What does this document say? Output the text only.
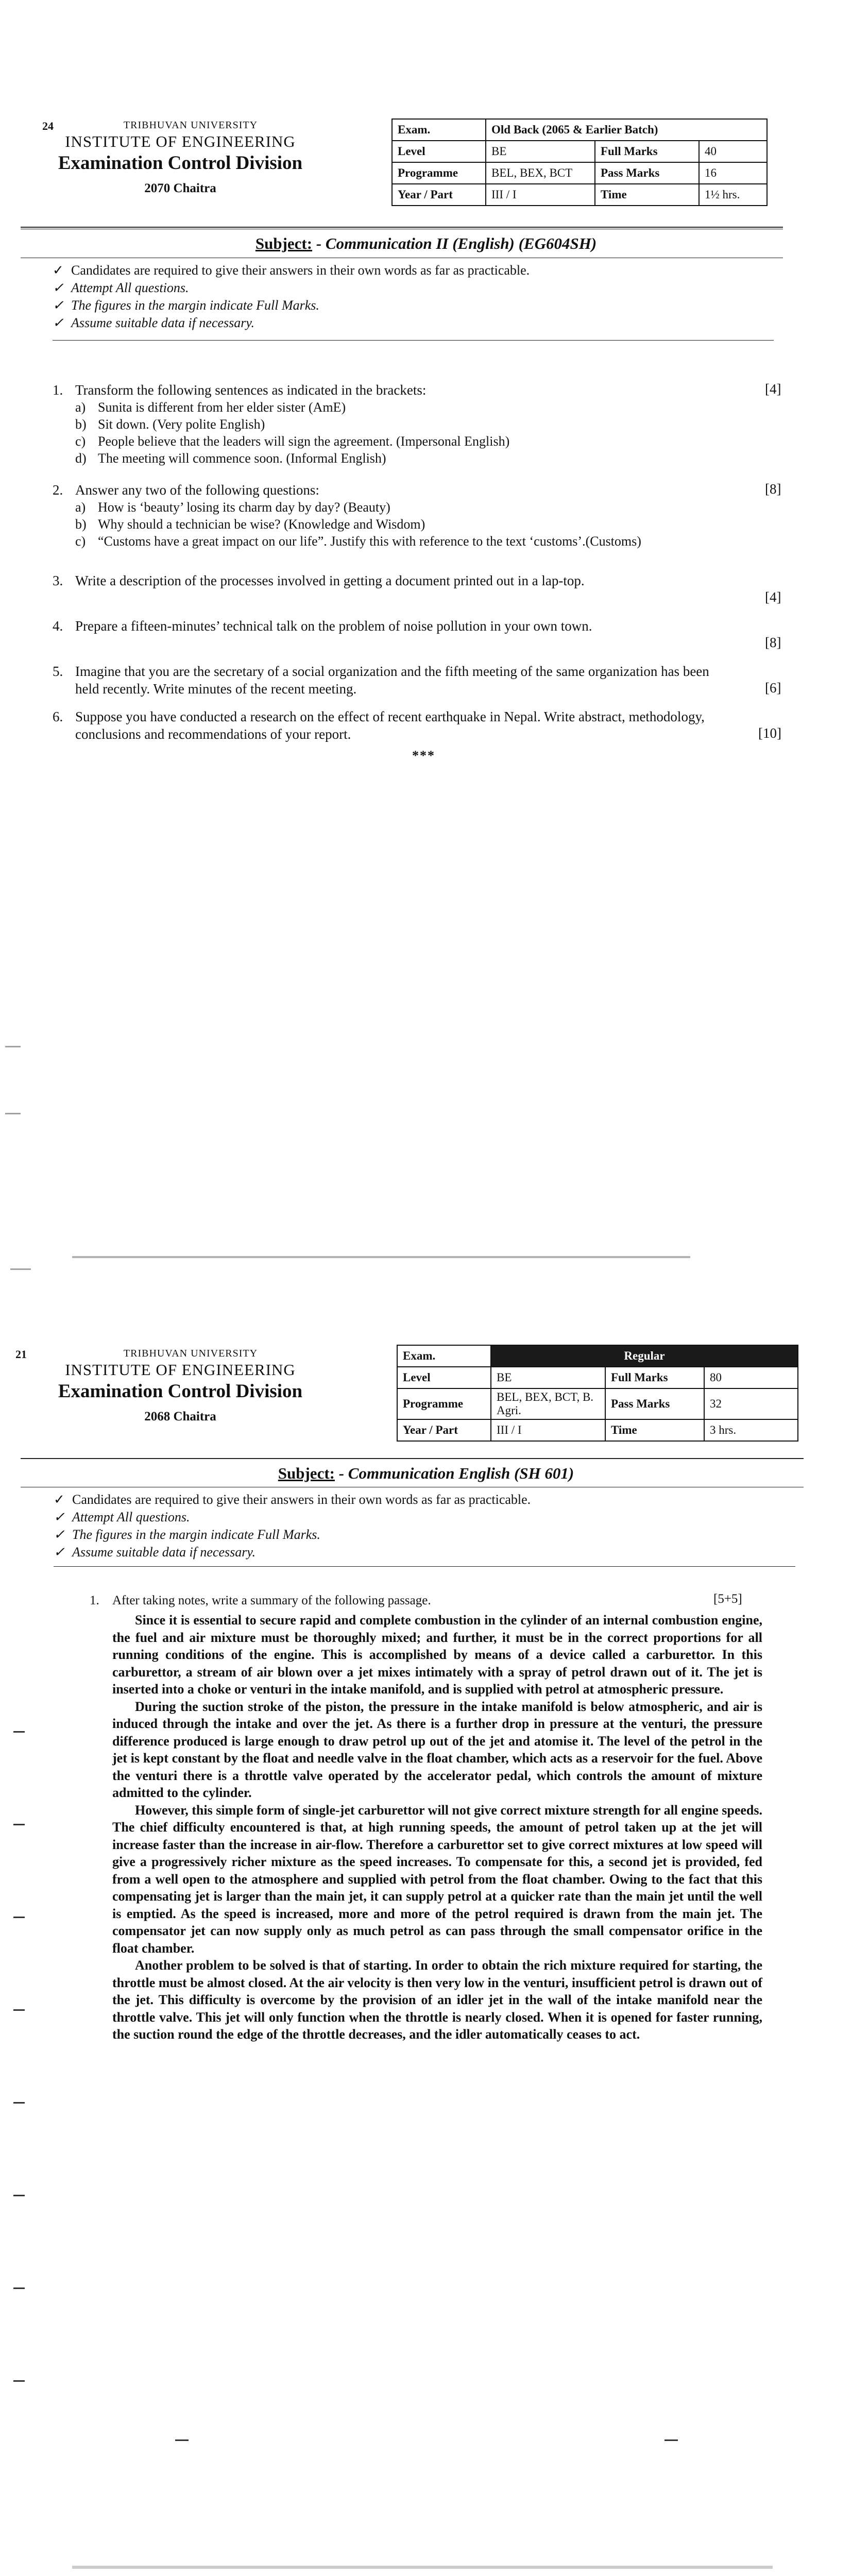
24	TRIBHUVAN UNIVERSITY
INSTITUTE OF ENGINEERING
Examination Control Division
2070 Chaitra
Exam.	Old Back (2065 & Earlier Batch)		
Level	BE	Full Marks	40
Programme	BEL, BEX, BCT	Pass Marks	16
Year / Part	III / I	Time	1½ hrs.
Subject: - Communication II (English) (EG604SH)
✓ Candidates are required to give their answers in their own words as far as practicable.
✓ Attempt All questions.
✓ The figures in the margin indicate Full Marks.
✓ Assume suitable data if necessary.
1. Transform the following sentences as indicated in the brackets:	[4]
a) Sunita is different from her elder sister (AmE)
b) Sit down. (Very polite English)
c) People believe that the leaders will sign the agreement. (Impersonal English)
d) The meeting will commence soon. (Informal English)
2. Answer any two of the following questions:	[8]
a) How is ‘beauty’ losing its charm day by day? (Beauty)
b) Why should a technician be wise? (Knowledge and Wisdom)
c) “Customs have a great impact on our life”. Justify this with reference to the text ‘customs’.(Customs)
3. Write a description of the processes involved in getting a document printed out in a lap-top.
[4]
4. Prepare a fifteen-minutes’ technical talk on the problem of noise pollution in your own town.
[8]
5. Imagine that you are the secretary of a social organization and the fifth meeting of the same organization has been held recently. Write minutes of the recent meeting.	[6]
6. Suppose you have conducted a research on the effect of recent earthquake in Nepal. Write abstract, methodology, conclusions and recommendations of your report.	[10]
***
21	TRIBHUVAN UNIVERSITY
INSTITUTE OF ENGINEERING
Examination Control Division
2068 Chaitra
Exam.	Regular		
Level	BE	Full Marks	80
Programme	BEL, BEX, BCT, B. Agri.	Pass Marks	32
Year / Part	III / I	Time	3 hrs.
Subject: - Communication English (SH 601)
✓ Candidates are required to give their answers in their own words as far as practicable.
✓ Attempt All questions.
✓ The figures in the margin indicate Full Marks.
✓ Assume suitable data if necessary.
1.	After taking notes, write a summary of the following passage.	[5+5]

Since it is essential to secure rapid and complete combustion in the cylinder of an internal combustion engine, the fuel and air mixture must be thoroughly mixed; and further, it must be in the correct proportions for all running conditions of the engine. This is accomplished by means of a device called a carburettor. In this carburettor, a stream of air blown over a jet mixes intimately with a spray of petrol drawn out of it. The jet is inserted into a choke or venturi in the intake manifold, and is supplied with petrol at atmospheric pressure.

During the suction stroke of the piston, the pressure in the intake manifold is below atmospheric, and air is induced through the intake and over the jet. As there is a further drop in pressure at the venturi, the pressure difference produced is large enough to draw petrol up out of the jet and atomise it. The level of the petrol in the jet is kept constant by the float and needle valve in the float chamber, which acts as a reservoir for the fuel. Above the venturi there is a throttle valve operated by the accelerator pedal, which controls the amount of mixture admitted to the cylinder.

However, this simple form of single-jet carburettor will not give correct mixture strength for all engine speeds. The chief difficulty encountered is that, at high running speeds, the amount of petrol taken up at the jet will increase faster than the increase in air-flow. Therefore a carburettor set to give correct mixtures at low speed will give a progressively richer mixture as the speed increases. To compensate for this, a second jet is provided, fed from a well open to the atmosphere and supplied with petrol from the float chamber. Owing to the fact that this compensating jet is larger than the main jet, it can supply petrol at a quicker rate than the main jet until the well is emptied. As the speed is increased, more and more of the petrol required is drawn from the main jet. The compensator jet can now supply only as much petrol as can pass through the small compensator orifice in the float chamber.

Another problem to be solved is that of starting. In order to obtain the rich mixture required for starting, the throttle must be almost closed. At the air velocity is then very low in the venturi, insufficient petrol is drawn out of the jet. This difficulty is overcome by the provision of an idler jet in the wall of the intake manifold near the throttle valve. This jet will only function when the throttle is nearly closed. When it is opened for faster running, the suction round the edge of the throttle decreases, and the idler automatically ceases to act.
